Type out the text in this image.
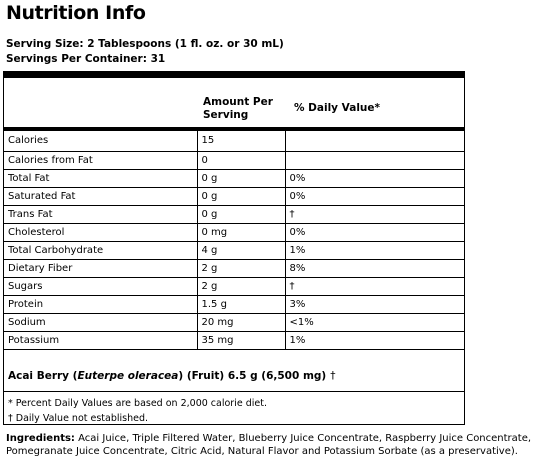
Nutrition Info
Serving Size: 2 Tablespoons (1 fl. oz. or 30 mL)
Servings Per Container: 31
Amount Per
Serving
% Daily Value*
Calories	15	
Calories from Fat	0	
Total Fat	0 g	0%
Saturated Fat	0 g	0%
Trans Fat	0 g	†
Cholesterol	0 mg	0%
Total Carbohydrate	4 g	1%
Dietary Fiber	2 g	8%
Sugars	2 g	†
Protein	1.5 g	3%
Sodium	20 mg	<1%
Potassium	35 mg	1%
Acai Berry (Euterpe oleracea) (Fruit) 6.5 g (6,500 mg) †
* Percent Daily Values are based on 2,000 calorie diet.
† Daily Value not established.
Ingredients: Acai Juice, Triple Filtered Water, Blueberry Juice Concentrate, Raspberry Juice Concentrate, Pomegranate Juice Concentrate, Citric Acid, Natural Flavor and Potassium Sorbate (as a preservative).
